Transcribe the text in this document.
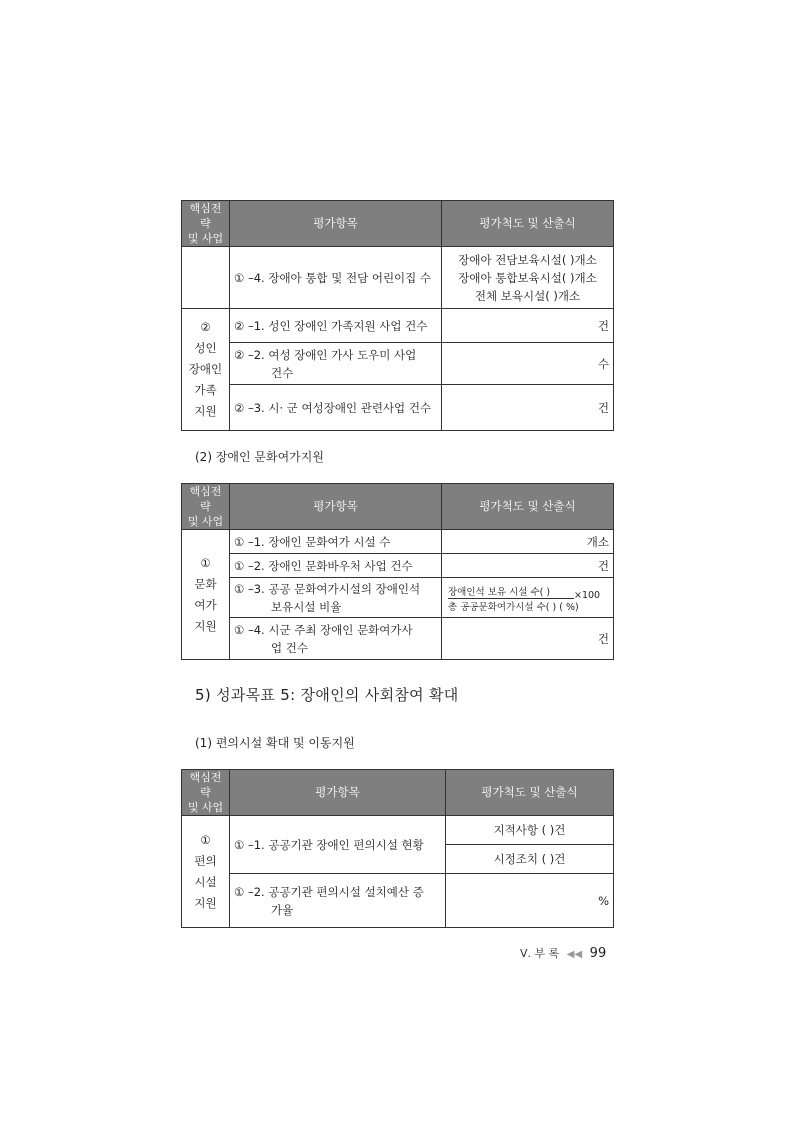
핵심전략
및 사업	평가항목	평가척도 및 산출식
	① –4. 장애아 통합 및 전담 어린이집 수	장애아 전담보육시설( )개소
장애아 통합보육시설( )개소
전체 보육시설( )개소

②
성인
장애인
가족
지원	② –1. 성인 장애인 가족지원 사업 건수	건
	② –2. 여성 장애인 가사 도우미 사업
건수	수
	② –3. 시· 군 여성장애인 관련사업 건수	건
(2) 장애인 문화여가지원
핵심전략
및 사업	평가항목	평가척도 및 산출식
①
문화
여가
지원	① –1. 장애인 문화여가 시설 수	개소
	① –2. 장애인 문화바우처 사업 건수	건
	① –3. 공공 문화여가시설의 장애인석
보유시설 비율	장애인석 보유 시설 수( )
총 공공문화여가시설 수( ) ( %)
×100

	① –4. 시군 주최 장애인 문화여가사
업 건수	건
5) 성과목표 5: 장애인의 사회참여 확대
(1) 편의시설 확대 및 이동지원
핵심전략
및 사업	평가항목	평가척도 및 산출식
①
편의
시설
지원	① –1. 공공기관 장애인 편의시설 현황	지적사항 ( )건
		시정조치 ( )건
	① –2. 공공기관 편의시설 설치예산 증
가율	%
Ⅴ. 부 록 ◀◀ 99
